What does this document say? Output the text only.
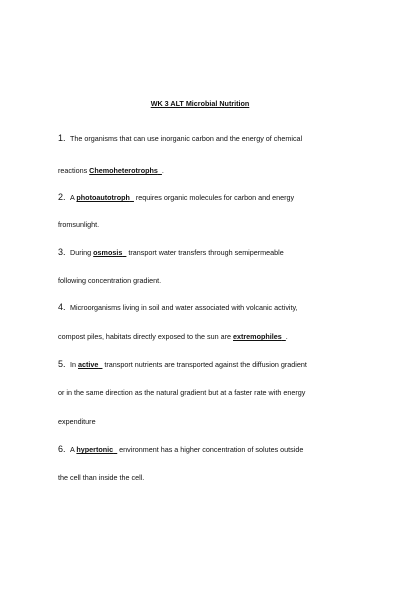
WK 3 ALT Microbial Nutrition
1. The organisms that can use inorganic carbon and the energy of chemical
reactions Chemoheterotrophs_.
2. A photoautotroph_ requires organic molecules for carbon and energy
fromsunlight.
3. During osmosis_ transport water transfers through semipermeable
following concentration gradient.
4. Microorganisms living in soil and water associated with volcanic activity,
compost piles, habitats directly exposed to the sun are extremophiles_.
5. In active_ transport nutrients are transported against the diffusion gradient
or in the same direction as the natural gradient but at a faster rate with energy
expenditure
6. A hypertonic_ environment has a higher concentration of solutes outside
the cell than inside the cell.
